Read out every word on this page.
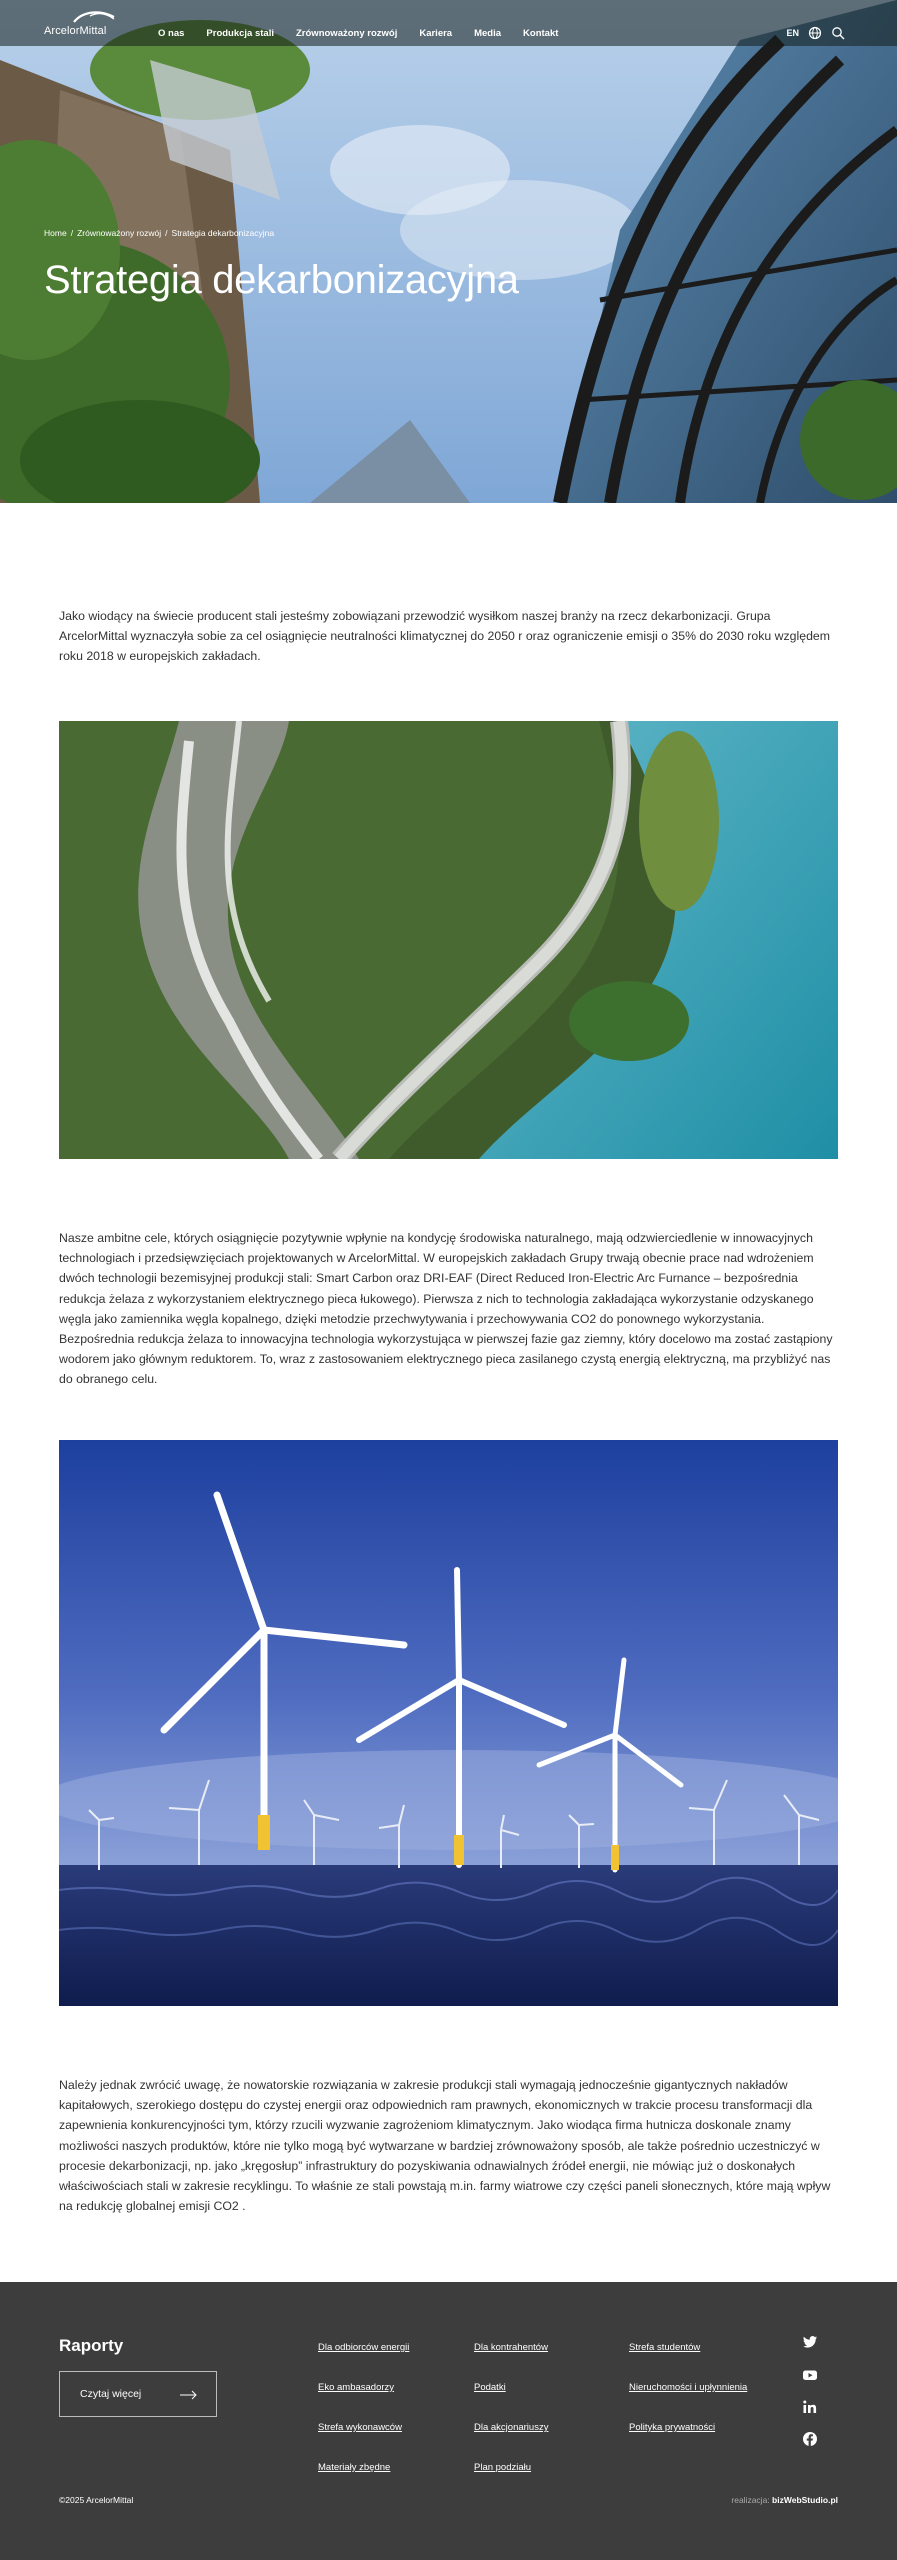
ArcelorMittal	O nas Produkcja stali Zrównoważony rozwój Kariera Media Kontakt	EN
Home / Zrównoważony rozwój / Strategia dekarbonizacyjna
Strategia dekarbonizacyjna

Jako wiodący na świecie producent stali jesteśmy zobowiązani przewodzić wysiłkom naszej branży na rzecz dekarbonizacji. Grupa ArcelorMittal wyznaczyła sobie za cel osiągnięcie neutralności klimatycznej do 2050 r oraz ograniczenie emisji o 35% do 2030 roku względem roku 2018 w europejskich zakładach.

Nasze ambitne cele, których osiągnięcie pozytywnie wpłynie na kondycję środowiska naturalnego, mają odzwierciedlenie w innowacyjnych technologiach i przedsięwzięciach projektowanych w ArcelorMittal. W europejskich zakładach Grupy trwają obecnie prace nad wdrożeniem dwóch technologii bezemisyjnej produkcji stali: Smart Carbon oraz DRI-EAF (Direct Reduced Iron-Electric Arc Furnance – bezpośrednia redukcja żelaza z wykorzystaniem elektrycznego pieca łukowego). Pierwsza z nich to technologia zakładająca wykorzystanie odzyskanego węgla jako zamiennika węgla kopalnego, dzięki metodzie przechwytywania i przechowywania CO2 do ponownego wykorzystania. Bezpośrednia redukcja żelaza to innowacyjna technologia wykorzystująca w pierwszej fazie gaz ziemny, który docelowo ma zostać zastąpiony wodorem jako głównym reduktorem. To, wraz z zastosowaniem elektrycznego pieca zasilanego czystą energią elektryczną, ma przybliżyć nas do obranego celu.

Należy jednak zwrócić uwagę, że nowatorskie rozwiązania w zakresie produkcji stali wymagają jednocześnie gigantycznych nakładów kapitałowych, szerokiego dostępu do czystej energii oraz odpowiednich ram prawnych, ekonomicznych w trakcie procesu transformacji dla zapewnienia konkurencyjności tym, którzy rzucili wyzwanie zagrożeniom klimatycznym. Jako wiodąca firma hutnicza doskonale znamy możliwości naszych produktów, które nie tylko mogą być wytwarzane w bardziej zrównoważony sposób, ale także pośrednio uczestniczyć w procesie dekarbonizacji, np. jako „kręgosłup” infrastruktury do pozyskiwania odnawialnych źródeł energii, nie mówiąc już o doskonałych właściwościach stali w zakresie recyklingu. To właśnie ze stali powstają m.in. farmy wiatrowe czy części paneli słonecznych, które mają wpływ na redukcję globalnej emisji CO2 .

Raporty
Czytaj więcej
Dla odbiorców energii
Eko ambasadorzy
Strefa wykonawców
Materiały zbędne
Dla kontrahentów
Podatki
Dla akcjonariuszy
Plan podziału
Strefa studentów
Nieruchomości i upłynnienia
Polityka prywatności
©2025 ArcelorMittal	realizacja: bizWebStudio.pl
